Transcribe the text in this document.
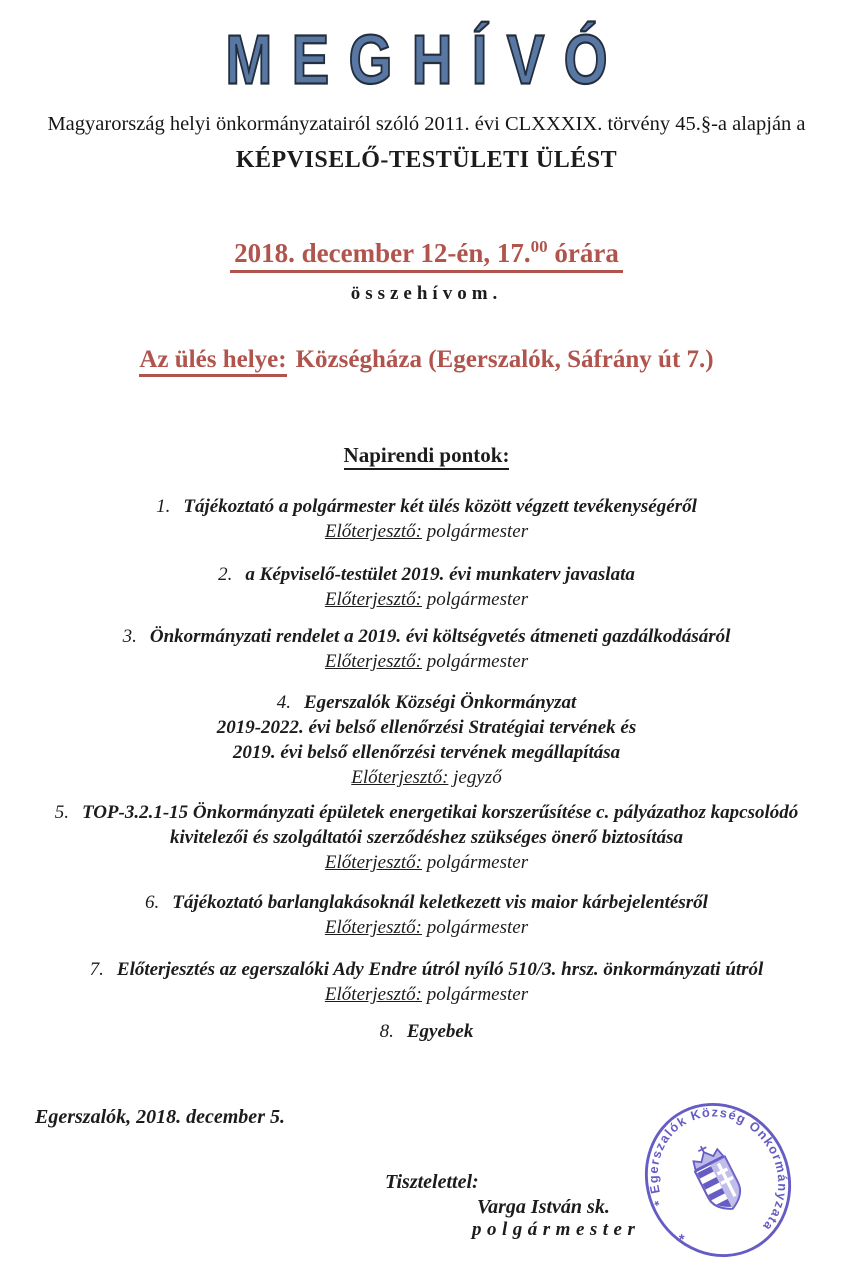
MEGHÍVÓ
Magyarország helyi önkormányzatairól szóló 2011. évi CLXXXIX. törvény 45.§-a alapján a
KÉPVISELŐ-TESTÜLETI ÜLÉST
2018. december 12-én, 17.00 órára
összehívom.
Az ülés helye: Községháza (Egerszalók, Sáfrány út 7.)
Napirendi pontok:
1. Tájékoztató a polgármester két ülés között végzett tevékenységéről
Előterjesztő: polgármester
2. a Képviselő-testület 2019. évi munkaterv javaslata
Előterjesztő: polgármester
3. Önkormányzati rendelet a 2019. évi költségvetés átmeneti gazdálkodásáról
Előterjesztő: polgármester
4. Egerszalók Községi Önkormányzat
2019-2022. évi belső ellenőrzési Stratégiai tervének és
2019. évi belső ellenőrzési tervének megállapítása
Előterjesztő: jegyző
5. TOP-3.2.1-15 Önkormányzati épületek energetikai korszerűsítése c. pályázathoz kapcsolódó
kivitelezői és szolgáltatói szerződéshez szükséges önerő biztosítása
Előterjesztő: polgármester
6. Tájékoztató barlanglakásoknál keletkezett vis maior kárbejelentésről
Előterjesztő: polgármester
7. Előterjesztés az egerszalóki Ady Endre útról nyíló 510/3. hrsz. önkormányzati útról
Előterjesztő: polgármester
8. Egyebek
Egerszalók, 2018. december 5.
Tisztelettel:
Varga István sk.
polgármester
* Egerszalók Község Önkormányzata
*
